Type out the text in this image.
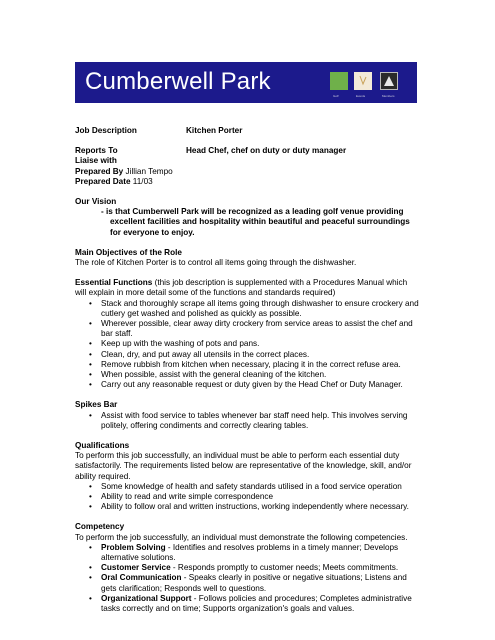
Cumberwell Park
Golf	Events	Members
Job Description	Kitchen Porter
Reports To	Head Chef, chef on duty or duty manager
Liaise with
Prepared By Jillian Tempo
Prepared Date 11/03
Our Vision
- is that Cumberwell Park will be recognized as a leading golf venue providing excellent facilities and hospitality within beautiful and peaceful surroundings for everyone to enjoy.
Main Objectives of the Role
The role of Kitchen Porter is to control all items going through the dishwasher.
Essential Functions (this job description is supplemented with a Procedures Manual which will explain in more detail some of the functions and standards required)
• Stack and thoroughly scrape all items going through dishwasher to ensure crockery and cutlery get washed and polished as quickly as possible.
• Wherever possible, clear away dirty crockery from service areas to assist the chef and bar staff.
• Keep up with the washing of pots and pans.
• Clean, dry, and put away all utensils in the correct places.
• Remove rubbish from kitchen when necessary, placing it in the correct refuse area.
• When possible, assist with the general cleaning of the kitchen.
• Carry out any reasonable request or duty given by the Head Chef or Duty Manager.
Spikes Bar
• Assist with food service to tables whenever bar staff need help. This involves serving politely, offering condiments and correctly clearing tables.
Qualifications
To perform this job successfully, an individual must be able to perform each essential duty satisfactorily. The requirements listed below are representative of the knowledge, skill, and/or ability required.
• Some knowledge of health and safety standards utilised in a food service operation
• Ability to read and write simple correspondence
• Ability to follow oral and written instructions, working independently where necessary.
Competency
To perform the job successfully, an individual must demonstrate the following competencies.
• Problem Solving - Identifies and resolves problems in a timely manner; Develops alternative solutions.
• Customer Service - Responds promptly to customer needs; Meets commitments.
• Oral Communication - Speaks clearly in positive or negative situations; Listens and gets clarification; Responds well to questions.
• Organizational Support - Follows policies and procedures; Completes administrative tasks correctly and on time; Supports organization's goals and values.
